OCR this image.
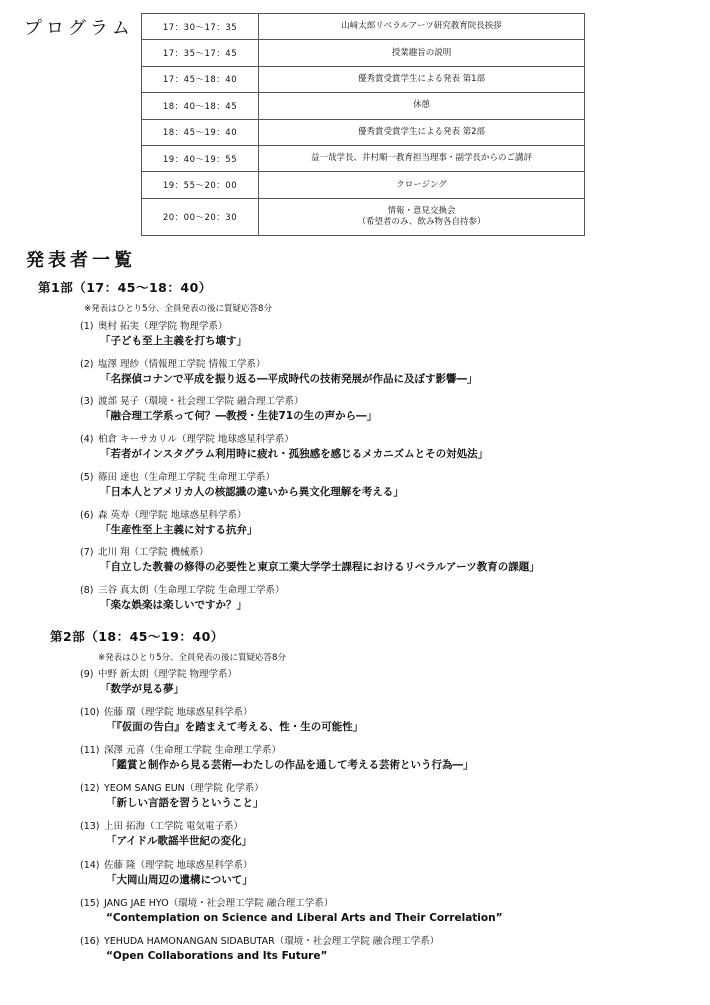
プログラム	17：30～17：35	山﨑太郎リベラルアーツ研究教育院長挨拶

17：35～17：45	授業趣旨の説明

17：45～18：40	優秀賞受賞学生による発表 第1部

18：40～18：45	休憩

18：45～19：40	優秀賞受賞学生による発表 第2部

19：40～19：55	益一哉学長、井村順一教育担当理事・副学長からのご講評

19：55～20：00	クロージング

20：00～20：30	情報・意見交換会
（希望者のみ、飲み物各自持参）
発表者一覧
第1部（17：45～18：40）
※発表はひとり5分、全員発表の後に質疑応答8分
(1) 奥村 拓実（理学院 物理学系）
「子ども至上主義を打ち壊す」
(2) 塩澤 理紗（情報理工学院 情報工学系）
「名探偵コナンで平成を振り返る―平成時代の技術発展が作品に及ぼす影響―」
(3) 渡部 晃子（環境・社会理工学院 融合理工学系）
「融合理工学系って何？―教授・生徒71の生の声から―」
(4) 柏倉 キーサカリル（理学院 地球惑星科学系）
「若者がインスタグラム利用時に疲れ・孤独感を感じるメカニズムとその対処法」
(5) 篠田 達也（生命理工学院 生命理工学系）
「日本人とアメリカ人の核認識の違いから異文化理解を考える」
(6) 森 英寿（理学院 地球惑星科学系）
「生産性至上主義に対する抗弁」
(7) 北川 翔（工学院 機械系）
「自立した教養の修得の必要性と東京工業大学学士課程におけるリベラルアーツ教育の課題」
(8) 三谷 真太朗（生命理工学院 生命理工学系）
「楽な娯楽は楽しいですか？」
第2部（18：45～19：40）
※発表はひとり5分、全員発表の後に質疑応答8分
(9) 中野 新太朗（理学院 物理学系）
「数学が見る夢」
(10) 佐藤 環（理学院 地球惑星科学系）
「『仮面の告白』を踏まえて考える、性・生の可能性」
(11) 深澤 元喜（生命理工学院 生命理工学系）
「鑑賞と制作から見る芸術―わたしの作品を通して考える芸術という行為―」
(12) YEOM SANG EUN（理学院 化学系）
「新しい言語を習うということ」
(13) 上田 拓海（工学院 電気電子系）
「アイドル歌謡半世紀の変化」
(14) 佐藤 隆（理学院 地球惑星科学系）
「大岡山周辺の遺構について」
(15) JANG JAE HYO（環境・社会理工学院 融合理工学系）
“Contemplation on Science and Liberal Arts and Their Correlation”
(16) YEHUDA HAMONANGAN SIDABUTAR（環境・社会理工学院 融合理工学系）
“Open Collaborations and Its Future”
